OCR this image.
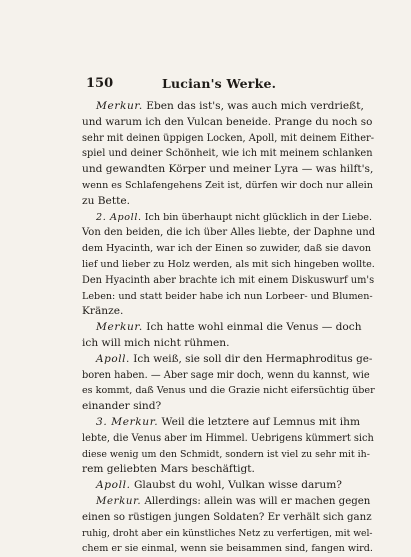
150	Lucian's Werke.
Merkur. Eben das ist's, was auch mich verdrießt,
und warum ich den Vulcan beneide. Prange du noch so
sehr mit deinen üppigen Locken, Apoll, mit deinem Either-
spiel und deiner Schönheit, wie ich mit meinem schlanken
und gewandten Körper und meiner Lyra — was hilft's,
wenn es Schlafengehens Zeit ist, dürfen wir doch nur allein
zu Bette.
2. Apoll. Ich bin überhaupt nicht glücklich in der Liebe.
Von den beiden, die ich über Alles liebte, der Daphne und
dem Hyacinth, war ich der Einen so zuwider, daß sie davon
lief und lieber zu Holz werden, als mit sich hingeben wollte.
Den Hyacinth aber brachte ich mit einem Diskuswurf um's
Leben: und statt beider habe ich nun Lorbeer- und Blumen-
Kränze.
Merkur. Ich hatte wohl einmal die Venus — doch
ich will mich nicht rühmen.
Apoll. Ich weiß, sie soll dir den Hermaphroditus ge-
boren haben. — Aber sage mir doch, wenn du kannst, wie
es kommt, daß Venus und die Grazie nicht eifersüchtig über
einander sind?
3. Merkur. Weil die letztere auf Lemnus mit ihm
lebte, die Venus aber im Himmel. Uebrigens kümmert sich
diese wenig um den Schmidt, sondern ist viel zu sehr mit ih-
rem geliebten Mars beschäftigt.
Apoll. Glaubst du wohl, Vulkan wisse darum?
Merkur. Allerdings: allein was will er machen gegen
einen so rüstigen jungen Soldaten? Er verhält sich ganz
ruhig, droht aber ein künstliches Netz zu verfertigen, mit wel-
chem er sie einmal, wenn sie beisammen sind, fangen wird.
